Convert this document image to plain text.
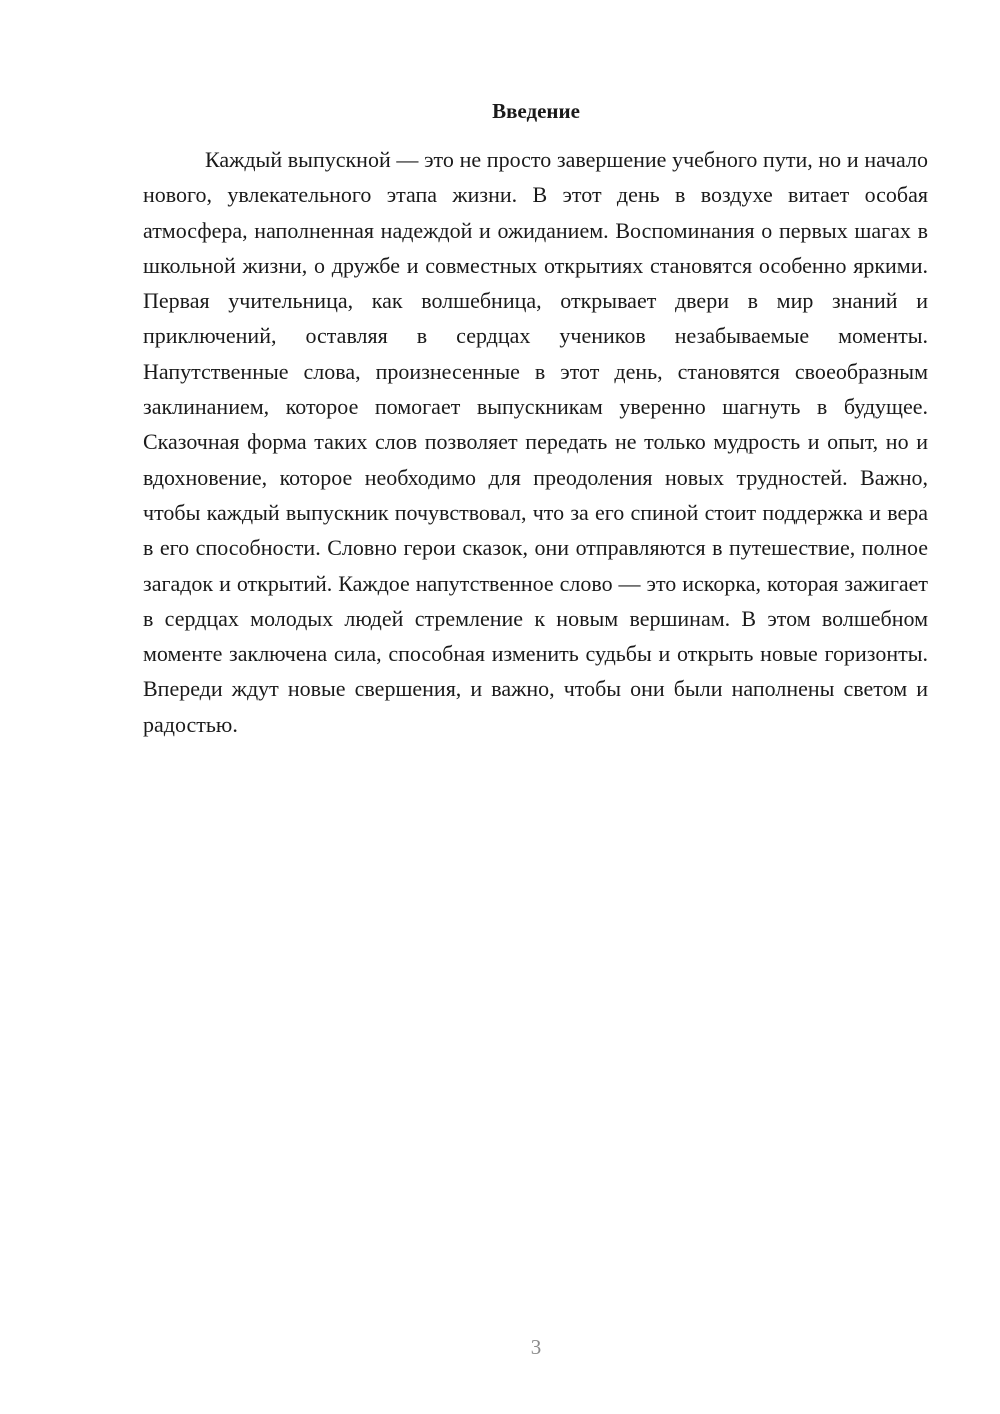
Введение

Каждый выпускной — это не просто завершение учебного пути, но и начало нового, увлекательного этапа жизни. В этот день в воздухе витает особая атмосфера, наполненная надеждой и ожиданием. Воспоминания о первых шагах в школьной жизни, о дружбе и совместных открытиях становятся особенно яркими. Первая учительница, как волшебница, открывает двери в мир знаний и приключений, оставляя в сердцах учеников незабываемые моменты. Напутственные слова, произнесенные в этот день, становятся своеобразным заклинанием, которое помогает выпускникам уверенно шагнуть в будущее. Сказочная форма таких слов позволяет передать не только мудрость и опыт, но и вдохновение, которое необходимо для преодоления новых трудностей. Важно, чтобы каждый выпускник почувствовал, что за его спиной стоит поддержка и вера в его способности. Словно герои сказок, они отправляются в путешествие, полное загадок и открытий. Каждое напутственное слово — это искорка, которая зажигает в сердцах молодых людей стремление к новым вершинам. В этом волшебном моменте заключена сила, способная изменить судьбы и открыть новые горизонты. Впереди ждут новые свершения, и важно, чтобы они были наполнены светом и радостью.

3
